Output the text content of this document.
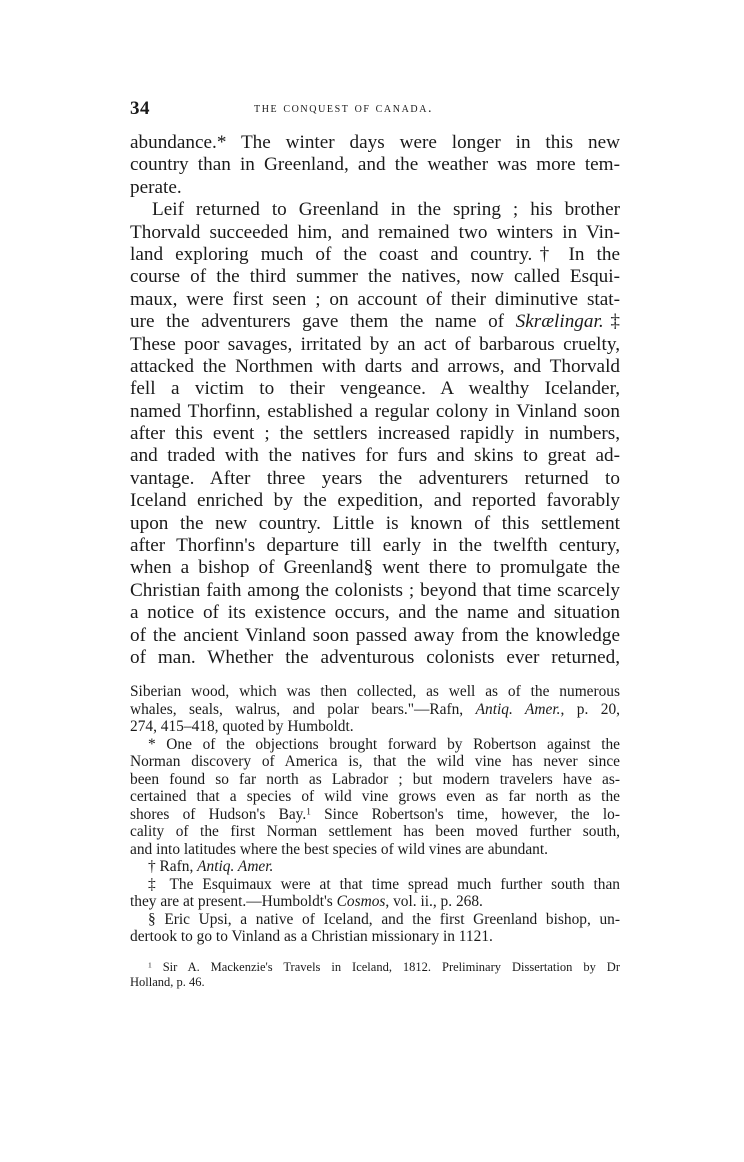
34	the conquest of canada.
abundance.* The winter days were longer in this new
country than in Greenland, and the weather was more tem-
perate.
Leif returned to Greenland in the spring ; his brother
Thorvald succeeded him, and remained two winters in Vin-
land exploring much of the coast and country.† In the
course of the third summer the natives, now called Esqui-
maux, were first seen ; on account of their diminutive stat-
ure the adventurers gave them the name of Skrælingar.‡
These poor savages, irritated by an act of barbarous cruelty,
attacked the Northmen with darts and arrows, and Thorvald
fell a victim to their vengeance. A wealthy Icelander,
named Thorfinn, established a regular colony in Vinland soon
after this event ; the settlers increased rapidly in numbers,
and traded with the natives for furs and skins to great ad-
vantage. After three years the adventurers returned to
Iceland enriched by the expedition, and reported favorably
upon the new country. Little is known of this settlement
after Thorfinn's departure till early in the twelfth century,
when a bishop of Greenland§ went there to promulgate the
Christian faith among the colonists ; beyond that time scarcely
a notice of its existence occurs, and the name and situation
of the ancient Vinland soon passed away from the knowledge
of man. Whether the adventurous colonists ever returned,
Siberian wood, which was then collected, as well as of the numerous
whales, seals, walrus, and polar bears."—Rafn, Antiq. Amer., p. 20,
274, 415–418, quoted by Humboldt.
* One of the objections brought forward by Robertson against the
Norman discovery of America is, that the wild vine has never since
been found so far north as Labrador ; but modern travelers have as-
certained that a species of wild vine grows even as far north as the
shores of Hudson's Bay.$^1$ Since Robertson's time, however, the lo-
cality of the first Norman settlement has been moved further south,
and into latitudes where the best species of wild vines are abundant.
† Rafn, Antiq. Amer.
‡ The Esquimaux were at that time spread much further south than
they are at present.—Humboldt's Cosmos, vol. ii., p. 268.
§ Eric Upsi, a native of Iceland, and the first Greenland bishop, un-
dertook to go to Vinland as a Christian missionary in 1121.
$^1$ Sir A. Mackenzie's Travels in Iceland, 1812. Preliminary Dissertation by Dr
Holland, p. 46.
